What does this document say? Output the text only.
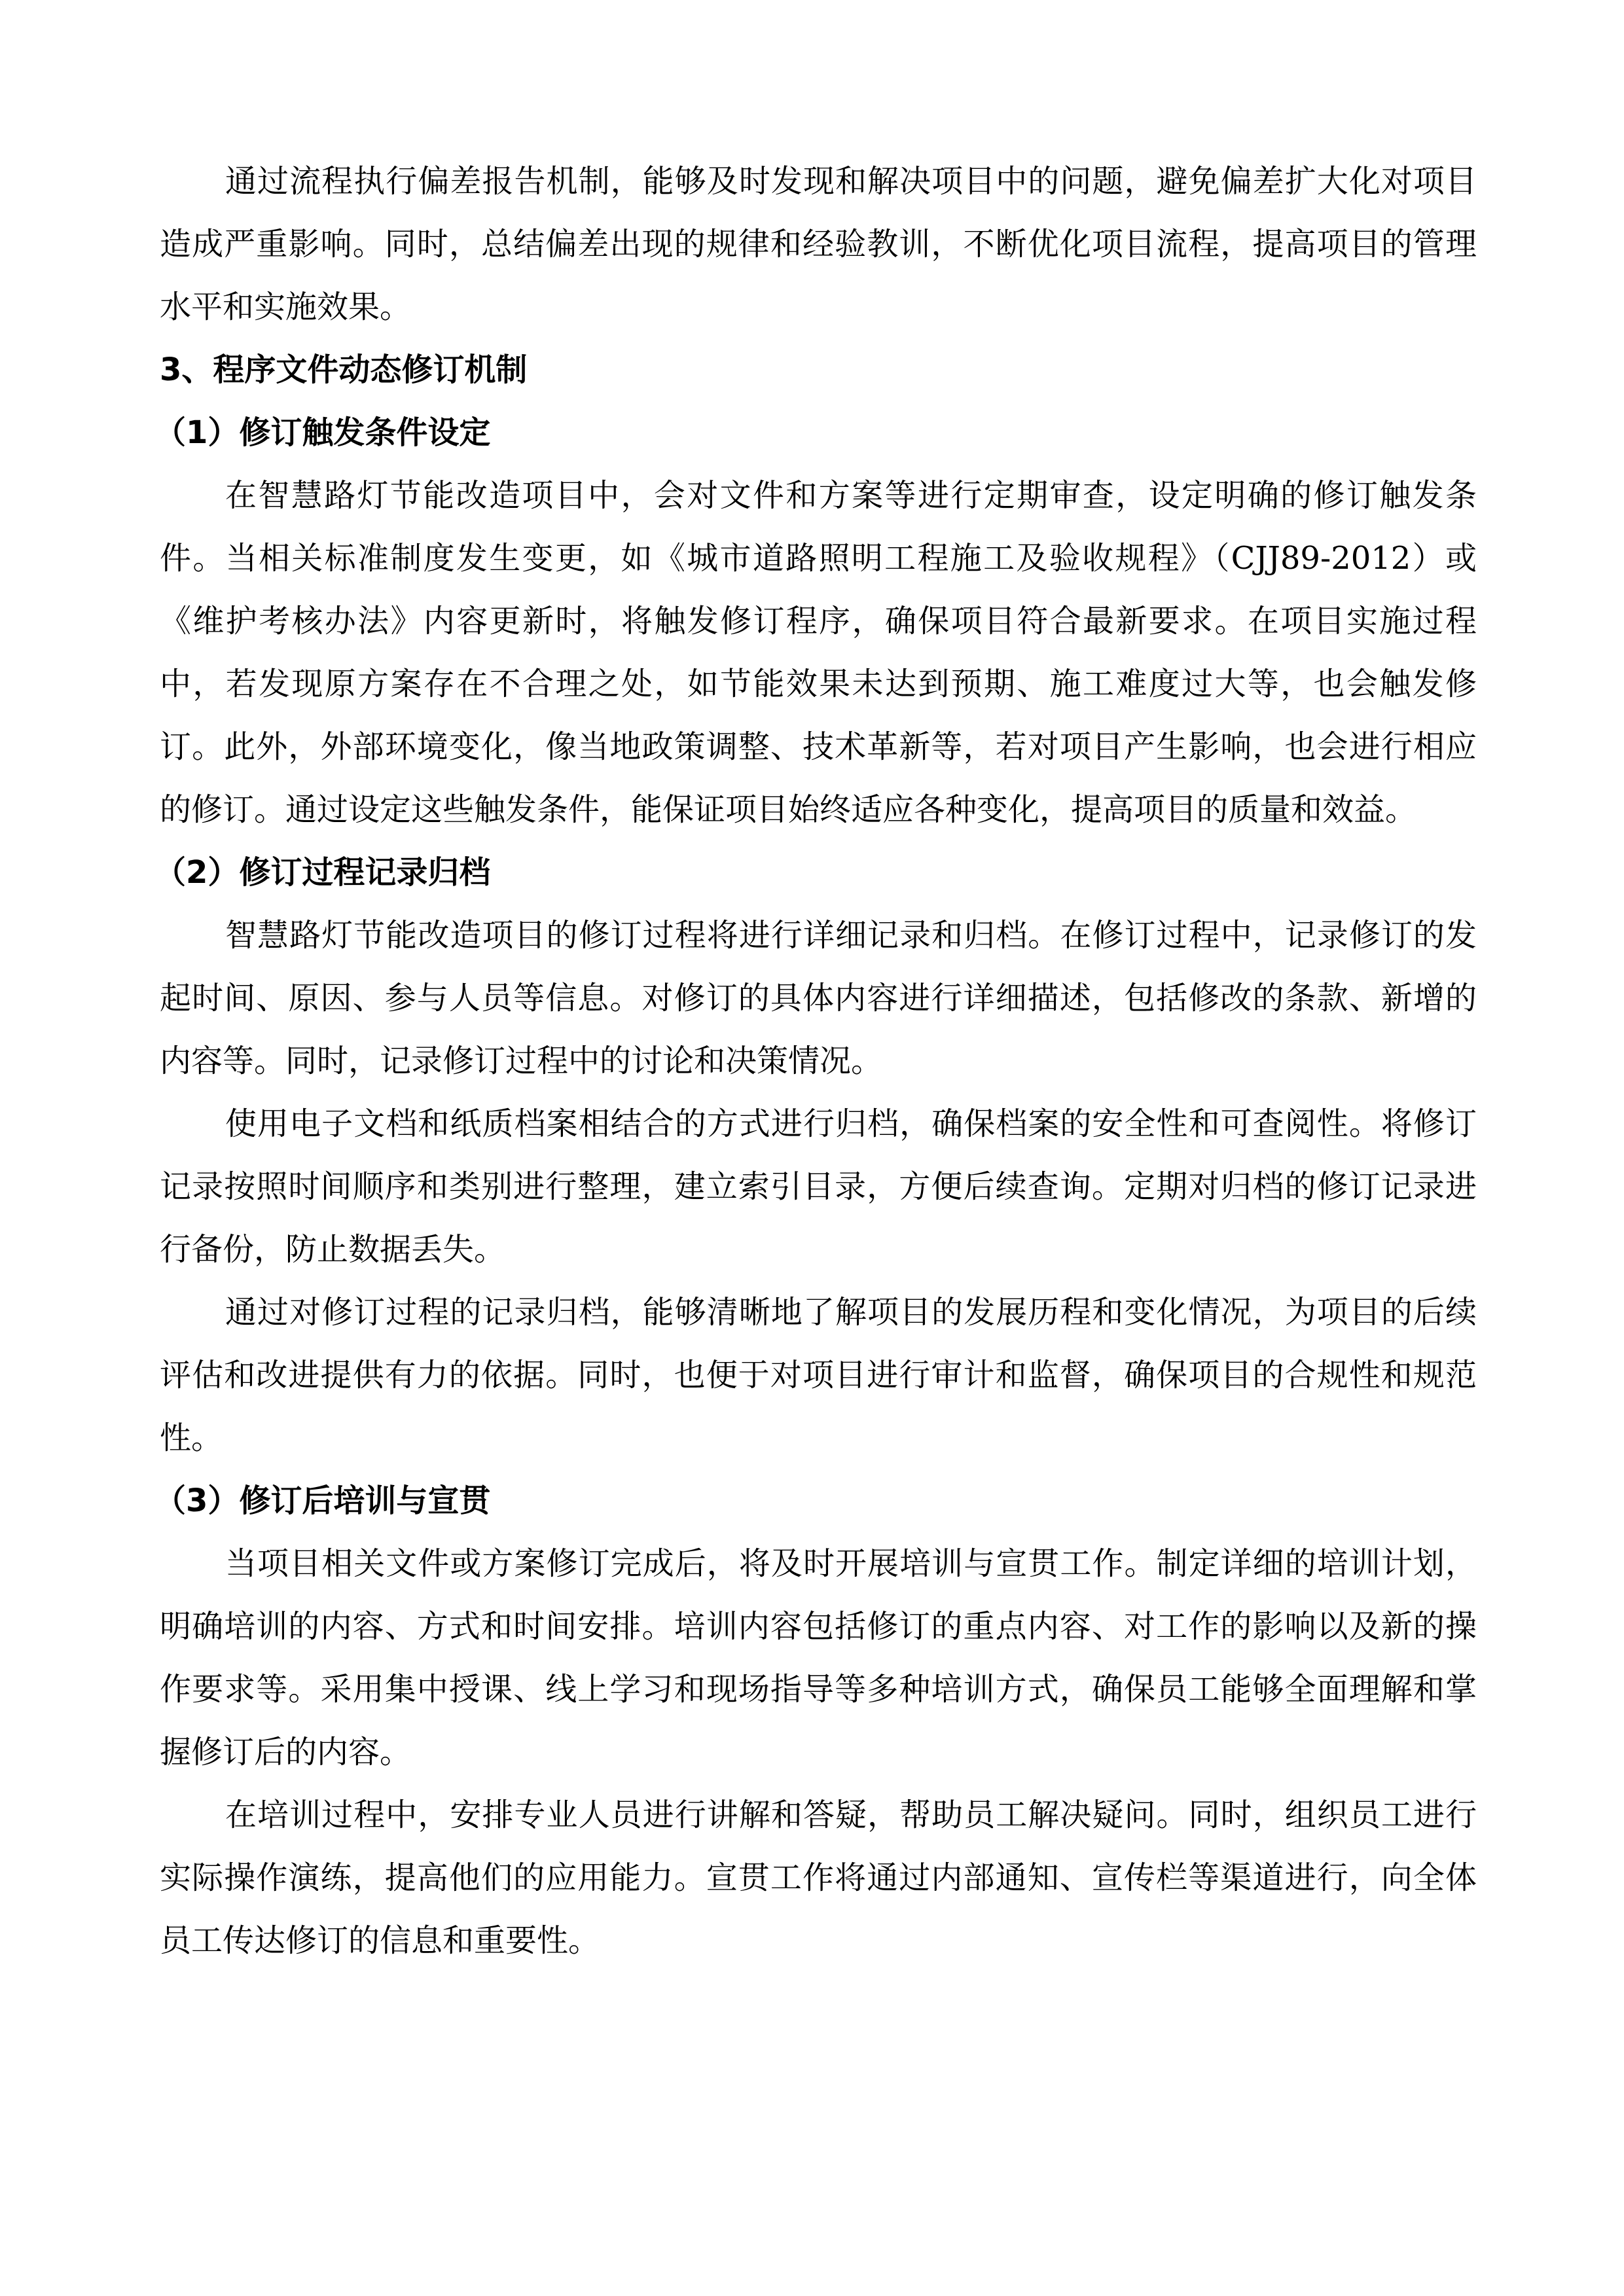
通过流程执行偏差报告机制，能够及时发现和解决项目中的问题，避免偏差扩大化对项目造成严重影响。同时，总结偏差出现的规律和经验教训，不断优化项目流程，提高项目的管理水平和实施效果。

3、程序文件动态修订机制
（1）修订触发条件设定

在智慧路灯节能改造项目中，会对文件和方案等进行定期审查，设定明确的修订触发条件。当相关标准制度发生变更，如《城市道路照明工程施工及验收规程》（CJJ89-2012）或《维护考核办法》内容更新时，将触发修订程序，确保项目符合最新要求。在项目实施过程中，若发现原方案存在不合理之处，如节能效果未达到预期、施工难度过大等，也会触发修订。此外，外部环境变化，像当地政策调整、技术革新等，若对项目产生影响，也会进行相应的修订。通过设定这些触发条件，能保证项目始终适应各种变化，提高项目的质量和效益。

（2）修订过程记录归档

智慧路灯节能改造项目的修订过程将进行详细记录和归档。在修订过程中，记录修订的发起时间、原因、参与人员等信息。对修订的具体内容进行详细描述，包括修改的条款、新增的内容等。同时，记录修订过程中的讨论和决策情况。

使用电子文档和纸质档案相结合的方式进行归档，确保档案的安全性和可查阅性。将修订记录按照时间顺序和类别进行整理，建立索引目录，方便后续查询。定期对归档的修订记录进行备份，防止数据丢失。

通过对修订过程的记录归档，能够清晰地了解项目的发展历程和变化情况，为项目的后续评估和改进提供有力的依据。同时，也便于对项目进行审计和监督，确保项目的合规性和规范性。

（3）修订后培训与宣贯

当项目相关文件或方案修订完成后，将及时开展培训与宣贯工作。制定详细的培训计划，明确培训的内容、方式和时间安排。培训内容包括修订的重点内容、对工作的影响以及新的操作要求等。采用集中授课、线上学习和现场指导等多种培训方式，确保员工能够全面理解和掌握修订后的内容。

在培训过程中，安排专业人员进行讲解和答疑，帮助员工解决疑问。同时，组织员工进行实际操作演练，提高他们的应用能力。宣贯工作将通过内部通知、宣传栏等渠道进行，向全体员工传达修订的信息和重要性。
